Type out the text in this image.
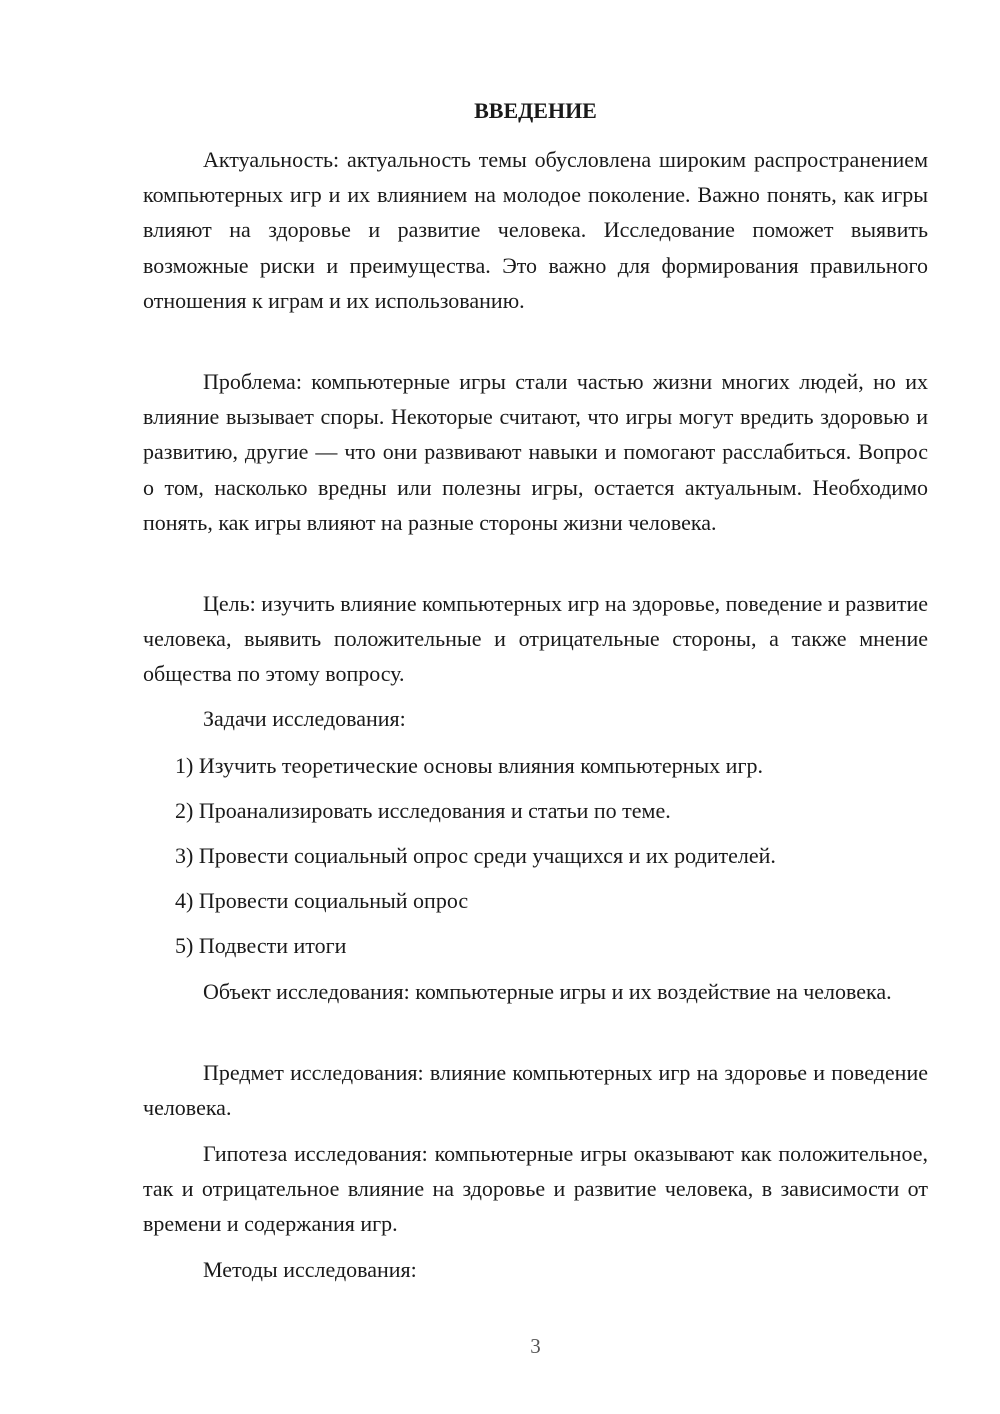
ВВЕДЕНИЕ

Актуальность: актуальность темы обусловлена широким распространением компьютерных игр и их влиянием на молодое поколение. Важно понять, как игры влияют на здоровье и развитие человека. Исследование поможет выявить возможные риски и преимущества. Это важно для формирования правильного отношения к играм и их использованию.

Проблема: компьютерные игры стали частью жизни многих людей, но их влияние вызывает споры. Некоторые считают, что игры могут вредить здоровью и развитию, другие — что они развивают навыки и помогают расслабиться. Вопрос о том, насколько вредны или полезны игры, остается актуальным. Необходимо понять, как игры влияют на разные стороны жизни человека.

Цель: изучить влияние компьютерных игр на здоровье, поведение и развитие человека, выявить положительные и отрицательные стороны, а также мнение общества по этому вопросу.

Задачи исследования:

1) Изучить теоретические основы влияния компьютерных игр.

2) Проанализировать исследования и статьи по теме.

3) Провести социальный опрос среди учащихся и их родителей.

4) Провести социальный опрос

5) Подвести итоги

Объект исследования: компьютерные игры и их воздействие на человека.

Предмет исследования: влияние компьютерных игр на здоровье и поведение человека.

Гипотеза исследования: компьютерные игры оказывают как положительное, так и отрицательное влияние на здоровье и развитие человека, в зависимости от времени и содержания игр.

Методы исследования:

3
